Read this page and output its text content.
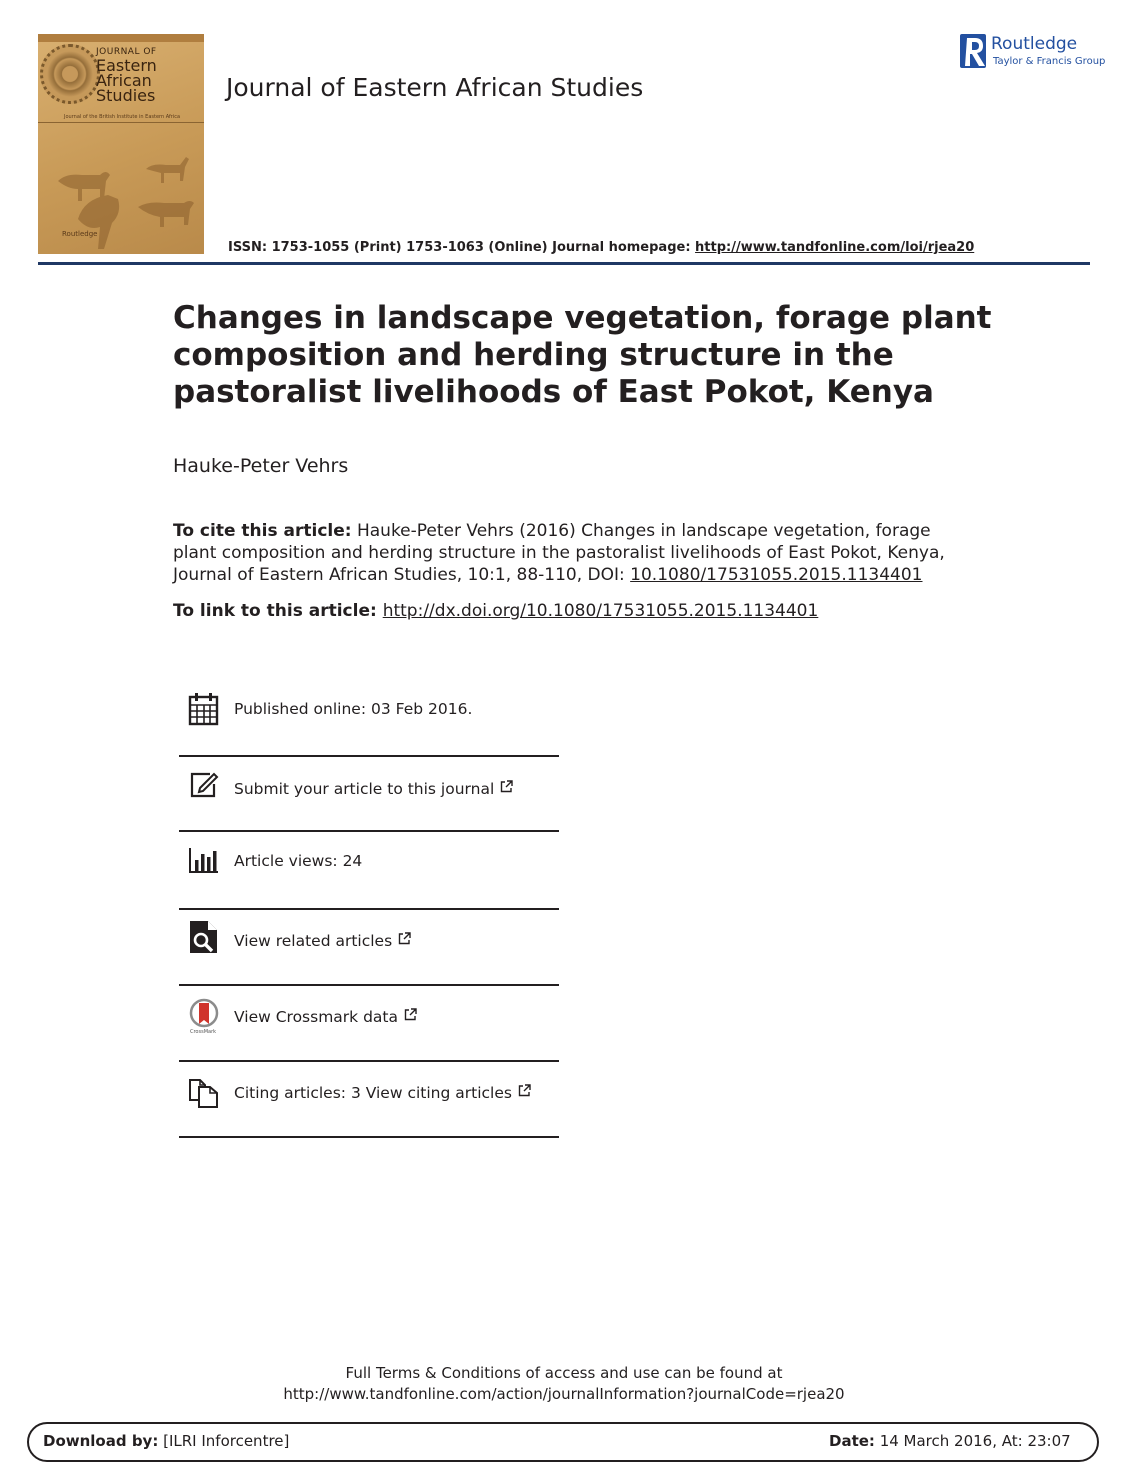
JOURNAL OF
Eastern African Studies
Journal of the British Institute in Eastern Africa
Routledge
Journal of Eastern African Studies
Routledge
Taylor & Francis Group
ISSN: 1753-1055 (Print) 1753-1063 (Online) Journal homepage: http://www.tandfonline.com/loi/rjea20
Changes in landscape vegetation, forage plant composition and herding structure in the pastoralist livelihoods of East Pokot, Kenya
Hauke-Peter Vehrs
To cite this article: Hauke-Peter Vehrs (2016) Changes in landscape vegetation, forage plant composition and herding structure in the pastoralist livelihoods of East Pokot, Kenya, Journal of Eastern African Studies, 10:1, 88-110, DOI: 10.1080/17531055.2015.1134401
To link to this article: http://dx.doi.org/10.1080/17531055.2015.1134401
Published online: 03 Feb 2016.
Submit your article to this journal
Article views: 24
View related articles
CrossMark
View Crossmark data
Citing articles: 3 View citing articles
Full Terms & Conditions of access and use can be found at
http://www.tandfonline.com/action/journalInformation?journalCode=rjea20
Download by: [ILRI Inforcentre]	Date: 14 March 2016, At: 23:07
